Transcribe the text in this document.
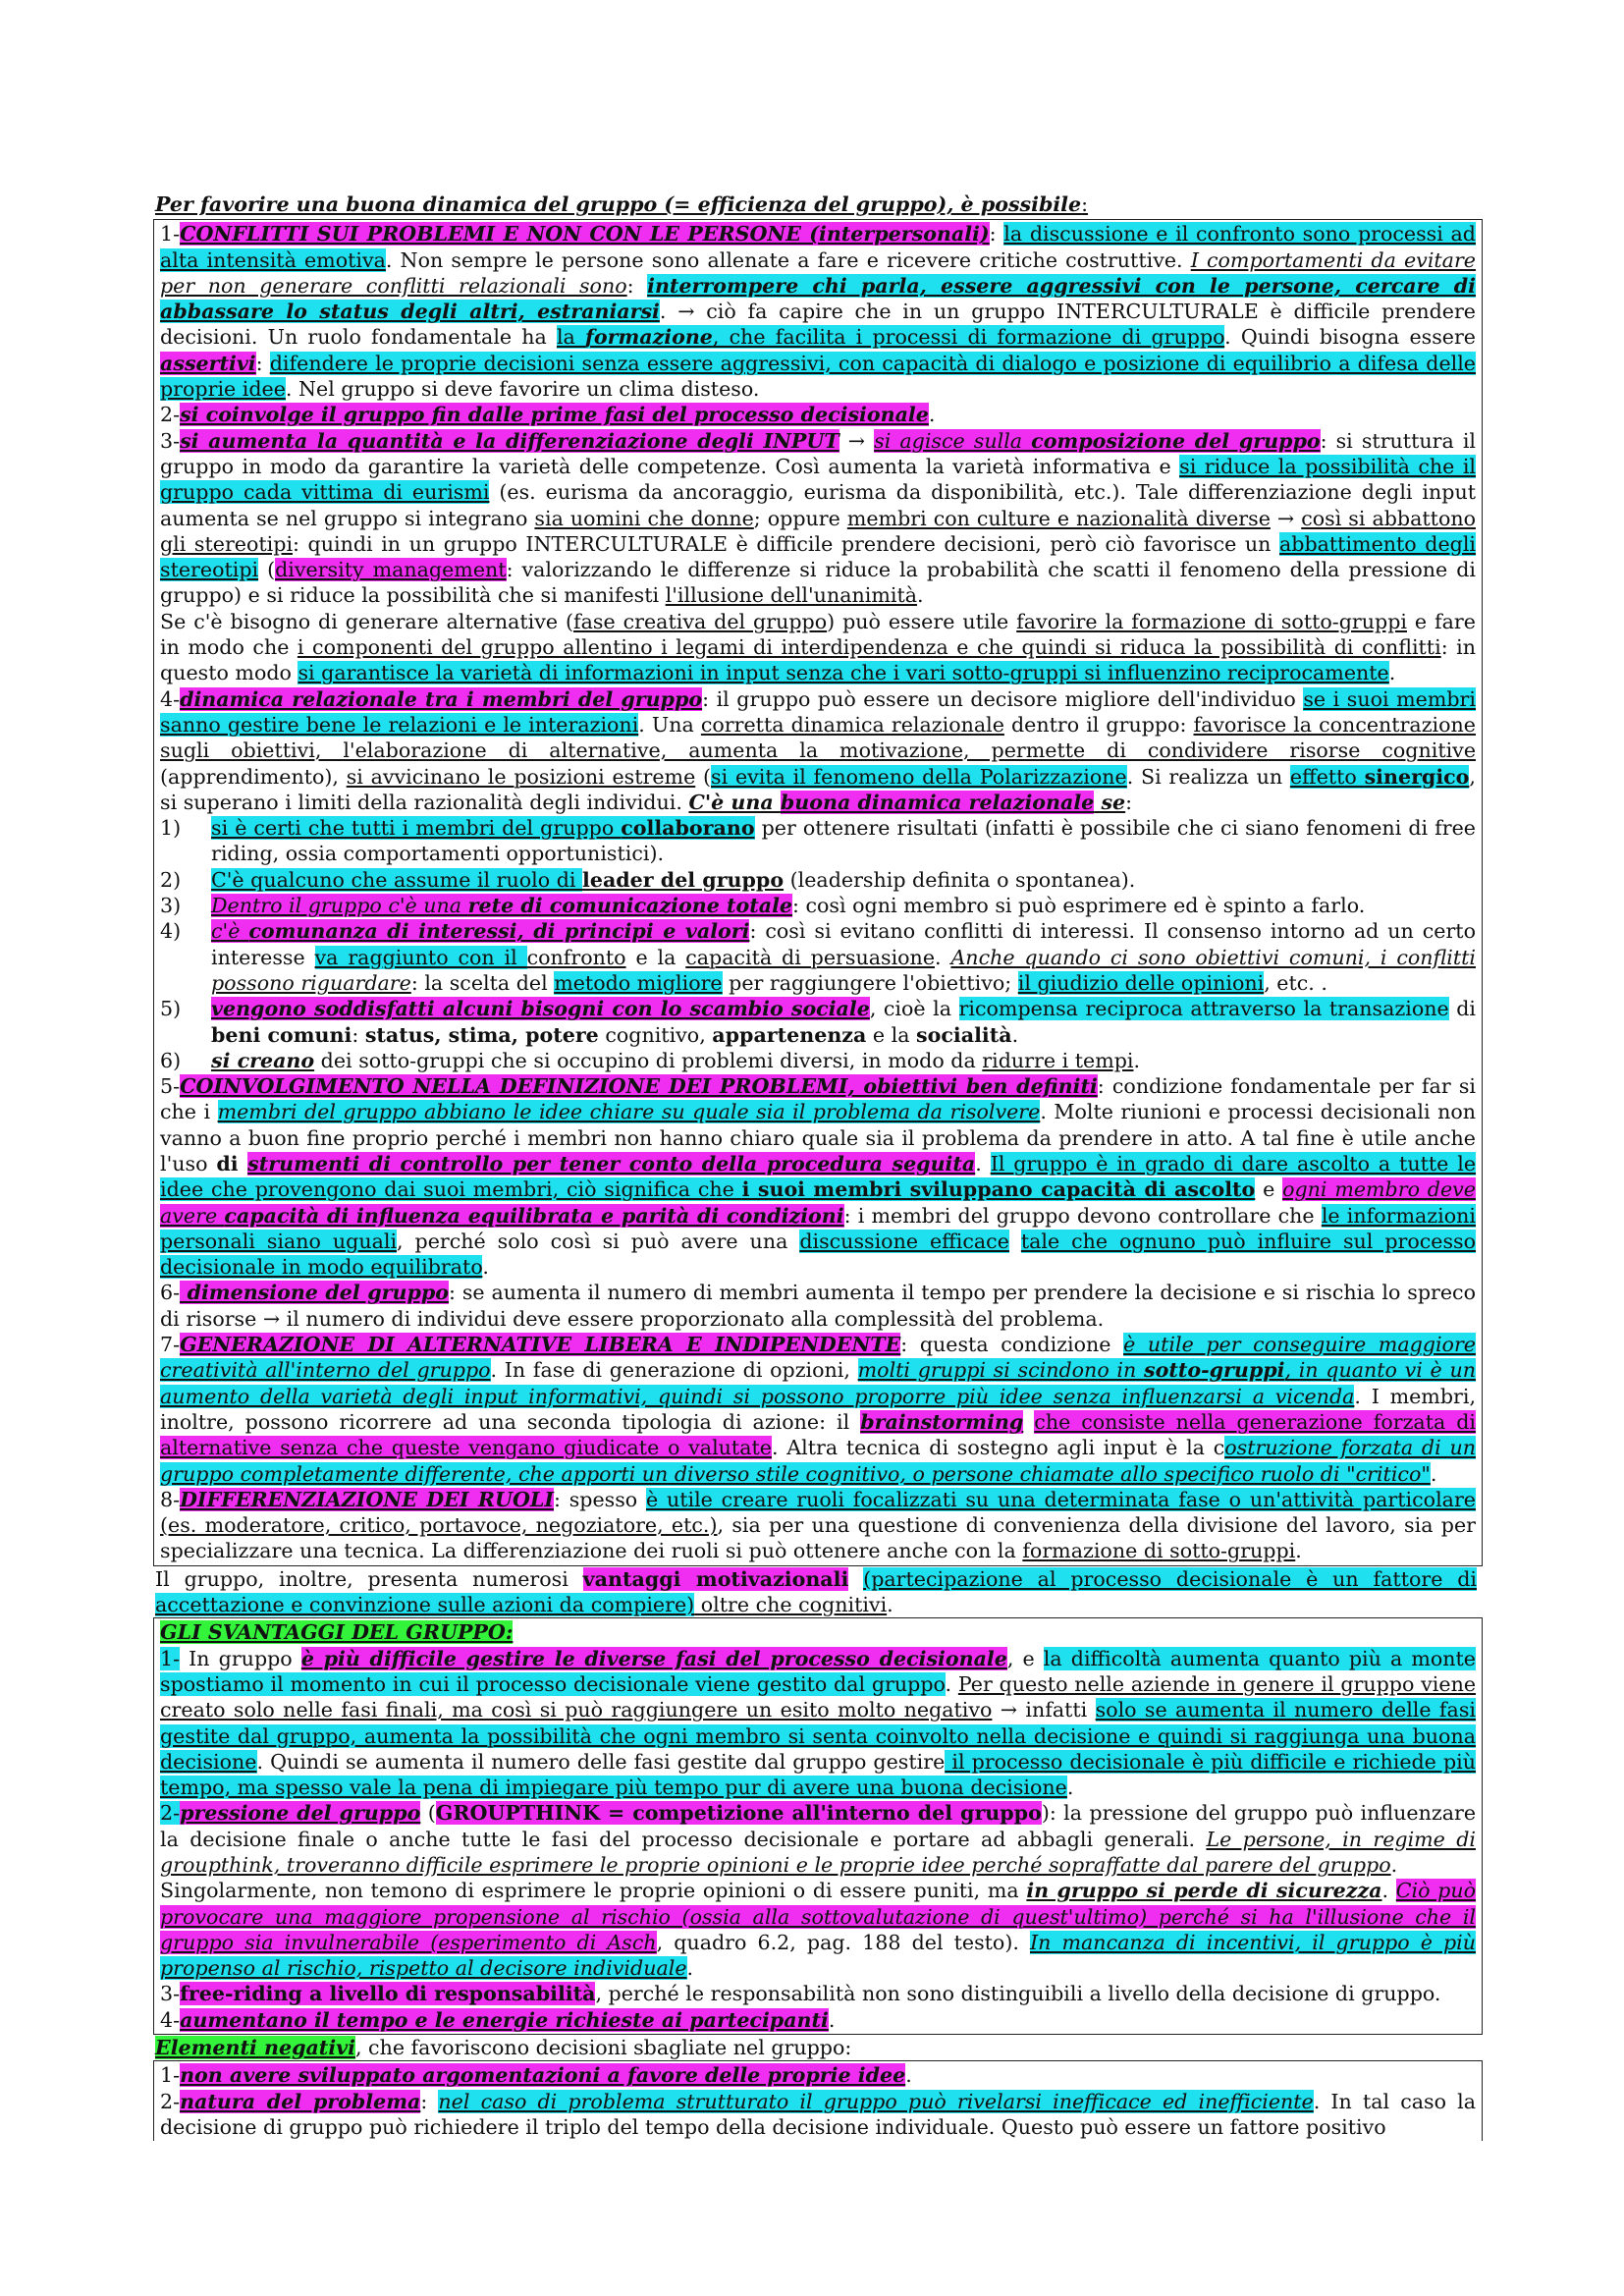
Per favorire una buona dinamica del gruppo (= efficienza del gruppo), è possibile:

1-CONFLITTI SUI PROBLEMI E NON CON LE PERSONE (interpersonali): la discussione e il confronto sono processi ad alta intensità emotiva. Non sempre le persone sono allenate a fare e ricevere critiche costruttive. I comportamenti da evitare per non generare conflitti relazionali sono: interrompere chi parla, essere aggressivi con le persone, cercare di abbassare lo status degli altri, estraniarsi. → ciò fa capire che in un gruppo INTERCULTURALE è difficile prendere decisioni. Un ruolo fondamentale ha la formazione, che facilita i processi di formazione di gruppo. Quindi bisogna essere assertivi: difendere le proprie decisioni senza essere aggressivi, con capacità di dialogo e posizione di equilibrio a difesa delle proprie idee. Nel gruppo si deve favorire un clima disteso.

2-si coinvolge il gruppo fin dalle prime fasi del processo decisionale.

3-si aumenta la quantità e la differenziazione degli INPUT → si agisce sulla composizione del gruppo: si struttura il gruppo in modo da garantire la varietà delle competenze. Così aumenta la varietà informativa e si riduce la possibilità che il gruppo cada vittima di eurismi (es. eurisma da ancoraggio, eurisma da disponibilità, etc.). Tale differenziazione degli input aumenta se nel gruppo si integrano sia uomini che donne; oppure membri con culture e nazionalità diverse → così si abbattono gli stereotipi: quindi in un gruppo INTERCULTURALE è difficile prendere decisioni, però ciò favorisce un abbattimento degli stereotipi (diversity management: valorizzando le differenze si riduce la probabilità che scatti il fenomeno della pressione di gruppo) e si riduce la possibilità che si manifesti l'illusione dell'unanimità.

Se c'è bisogno di generare alternative (fase creativa del gruppo) può essere utile favorire la formazione di sotto-gruppi e fare in modo che i componenti del gruppo allentino i legami di interdipendenza e che quindi si riduca la possibilità di conflitti: in questo modo si garantisce la varietà di informazioni in input senza che i vari sotto-gruppi si influenzino reciprocamente.

4-dinamica relazionale tra i membri del gruppo: il gruppo può essere un decisore migliore dell'individuo se i suoi membri sanno gestire bene le relazioni e le interazioni. Una corretta dinamica relazionale dentro il gruppo: favorisce la concentrazione sugli obiettivi, l'elaborazione di alternative, aumenta la motivazione, permette di condividere risorse cognitive (apprendimento), si avvicinano le posizioni estreme (si evita il fenomeno della Polarizzazione. Si realizza un effetto sinergico, si superano i limiti della razionalità degli individui. C'è una buona dinamica relazionale se:

1)	si è certi che tutti i membri del gruppo collaborano per ottenere risultati (infatti è possibile che ci siano fenomeni di free riding, ossia comportamenti opportunistici).
2)	C'è qualcuno che assume il ruolo di leader del gruppo (leadership definita o spontanea).
3)	Dentro il gruppo c'è una rete di comunicazione totale: così ogni membro si può esprimere ed è spinto a farlo.
4)	c'è comunanza di interessi, di principi e valori: così si evitano conflitti di interessi. Il consenso intorno ad un certo interesse va raggiunto con il confronto e la capacità di persuasione. Anche quando ci sono obiettivi comuni, i conflitti possono riguardare: la scelta del metodo migliore per raggiungere l'obiettivo; il giudizio delle opinioni, etc. .
5)	vengono soddisfatti alcuni bisogni con lo scambio sociale, cioè la ricompensa reciproca attraverso la transazione di beni comuni: status, stima, potere cognitivo, appartenenza e la socialità.
6)	si creano dei sotto-gruppi che si occupino di problemi diversi, in modo da ridurre i tempi.

5-COINVOLGIMENTO NELLA DEFINIZIONE DEI PROBLEMI, obiettivi ben definiti: condizione fondamentale per far si che i membri del gruppo abbiano le idee chiare su quale sia il problema da risolvere. Molte riunioni e processi decisionali non vanno a buon fine proprio perché i membri non hanno chiaro quale sia il problema da prendere in atto. A tal fine è utile anche l'uso di strumenti di controllo per tener conto della procedura seguita. Il gruppo è in grado di dare ascolto a tutte le idee che provengono dai suoi membri, ciò significa che i suoi membri sviluppano capacità di ascolto e ogni membro deve avere capacità di influenza equilibrata e parità di condizioni: i membri del gruppo devono controllare che le informazioni personali siano uguali, perché solo così si può avere una discussione efficace tale che ognuno può influire sul processo decisionale in modo equilibrato.

6- dimensione del gruppo: se aumenta il numero di membri aumenta il tempo per prendere la decisione e si rischia lo spreco di risorse → il numero di individui deve essere proporzionato alla complessità del problema.

7-GENERAZIONE DI ALTERNATIVE LIBERA E INDIPENDENTE: questa condizione è utile per conseguire maggiore creatività all'interno del gruppo. In fase di generazione di opzioni, molti gruppi si scindono in sotto-gruppi, in quanto vi è un aumento della varietà degli input informativi, quindi si possono proporre più idee senza influenzarsi a vicenda. I membri, inoltre, possono ricorrere ad una seconda tipologia di azione: il brainstorming che consiste nella generazione forzata di alternative senza che queste vengano giudicate o valutate. Altra tecnica di sostegno agli input è la costruzione forzata di un gruppo completamente differente, che apporti un diverso stile cognitivo, o persone chiamate allo specifico ruolo di "critico".

8-DIFFERENZIAZIONE DEI RUOLI: spesso è utile creare ruoli focalizzati su una determinata fase o un'attività particolare (es. moderatore, critico, portavoce, negoziatore, etc.), sia per una questione di convenienza della divisione del lavoro, sia per specializzare una tecnica. La differenziazione dei ruoli si può ottenere anche con la formazione di sotto-gruppi.

Il gruppo, inoltre, presenta numerosi vantaggi motivazionali (partecipazione al processo decisionale è un fattore di accettazione e convinzione sulle azioni da compiere) oltre che cognitivi.

GLI SVANTAGGI DEL GRUPPO:

1- In gruppo è più difficile gestire le diverse fasi del processo decisionale, e la difficoltà aumenta quanto più a monte spostiamo il momento in cui il processo decisionale viene gestito dal gruppo. Per questo nelle aziende in genere il gruppo viene creato solo nelle fasi finali, ma così si può raggiungere un esito molto negativo → infatti solo se aumenta il numero delle fasi gestite dal gruppo, aumenta la possibilità che ogni membro si senta coinvolto nella decisione e quindi si raggiunga una buona decisione. Quindi se aumenta il numero delle fasi gestite dal gruppo gestire il processo decisionale è più difficile e richiede più tempo, ma spesso vale la pena di impiegare più tempo pur di avere una buona decisione.

2-pressione del gruppo (GROUPTHINK = competizione all'interno del gruppo): la pressione del gruppo può influenzare la decisione finale o anche tutte le fasi del processo decisionale e portare ad abbagli generali. Le persone, in regime di groupthink, troveranno difficile esprimere le proprie opinioni e le proprie idee perché sopraffatte dal parere del gruppo.

Singolarmente, non temono di esprimere le proprie opinioni o di essere puniti, ma in gruppo si perde di sicurezza. Ciò può provocare una maggiore propensione al rischio (ossia alla sottovalutazione di quest'ultimo) perché si ha l'illusione che il gruppo sia invulnerabile (esperimento di Asch, quadro 6.2, pag. 188 del testo). In mancanza di incentivi, il gruppo è più propenso al rischio, rispetto al decisore individuale.

3-free-riding a livello di responsabilità, perché le responsabilità non sono distinguibili a livello della decisione di gruppo.

4-aumentano il tempo e le energie richieste ai partecipanti.

Elementi negativi, che favoriscono decisioni sbagliate nel gruppo:

1-non avere sviluppato argomentazioni a favore delle proprie idee.

2-natura del problema: nel caso di problema strutturato il gruppo può rivelarsi inefficace ed inefficiente. In tal caso la decisione di gruppo può richiedere il triplo del tempo della decisione individuale. Questo può essere un fattore positivo
